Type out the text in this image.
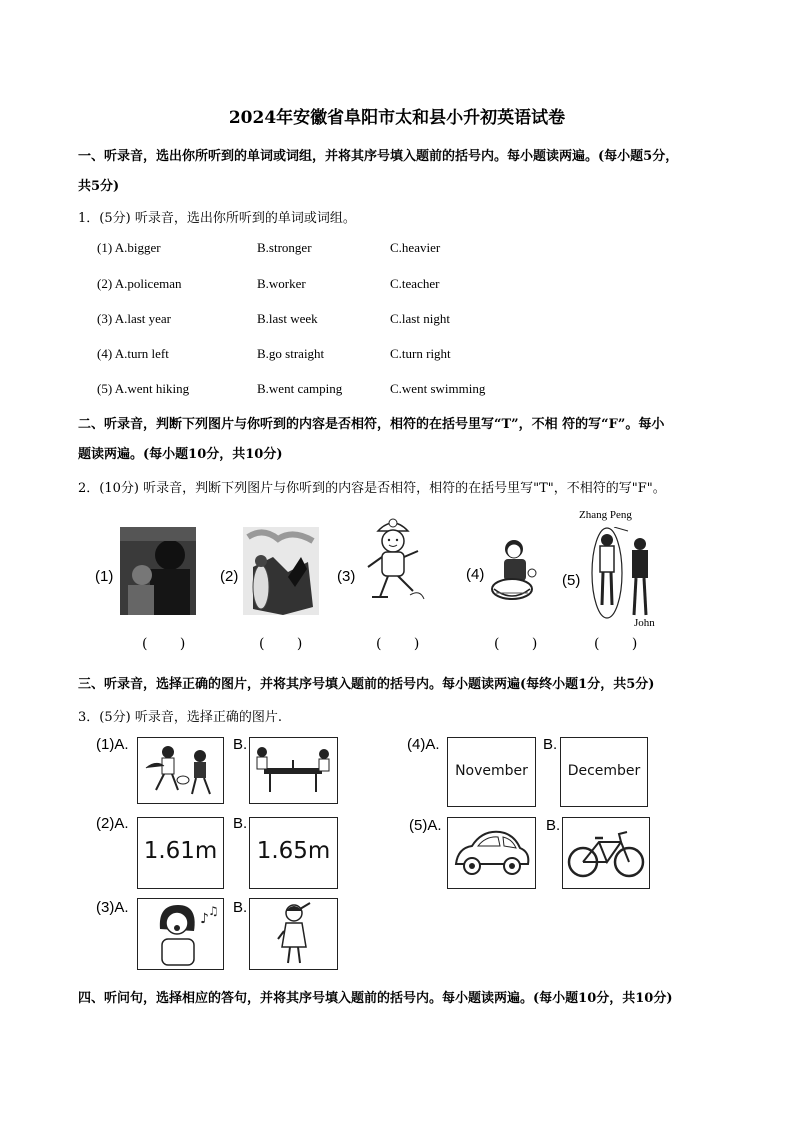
2024年安徽省阜阳市太和县小升初英语试卷
一、听录音，选出你所听到的单词或词组，并将其序号填入题前的括号内。每小题读两遍。(每小题5分，
共5分)
1．(5分) 听录音，选出你所听到的单词或词组。
(1) A.bigger	B.stronger	C.heavier
(2) A.policeman	B.worker	C.teacher
(3) A.last year	B.last week	C.last night
(4) A.turn left	B.go straight	C.turn right
(5) A.went hiking	B.went camping	C.went swimming
二、听录音，判断下列图片与你听到的内容是否相符，相符的在括号里写“T”，不相 符的写“F”。每小
题读两遍。(每小题10分，共10分)
2．(10分) 听录音，判断下列图片与你听到的内容是否相符，相符的在括号里写"T"，不相符的写"F"。
(1)	(2)	(3)	(4)	(5)
Zhang Peng
John
( )	( )	( )	( )	( )
三、听录音，选择正确的图片，并将其序号填入题前的括号内。每小题读两遍(每终小题1分，共5分)
3．(5分) 听录音，选择正确的图片.
(1)A.	B.
(2)A.
1.61m
B.
1.65m
(3)A.
♪ ♫ B.
(4)A.
November
B.
December
(5)A.	B.
四、听问句，选择相应的答句，并将其序号填入题前的括号内。每小题读两遍。(每小题10分，共10分)
